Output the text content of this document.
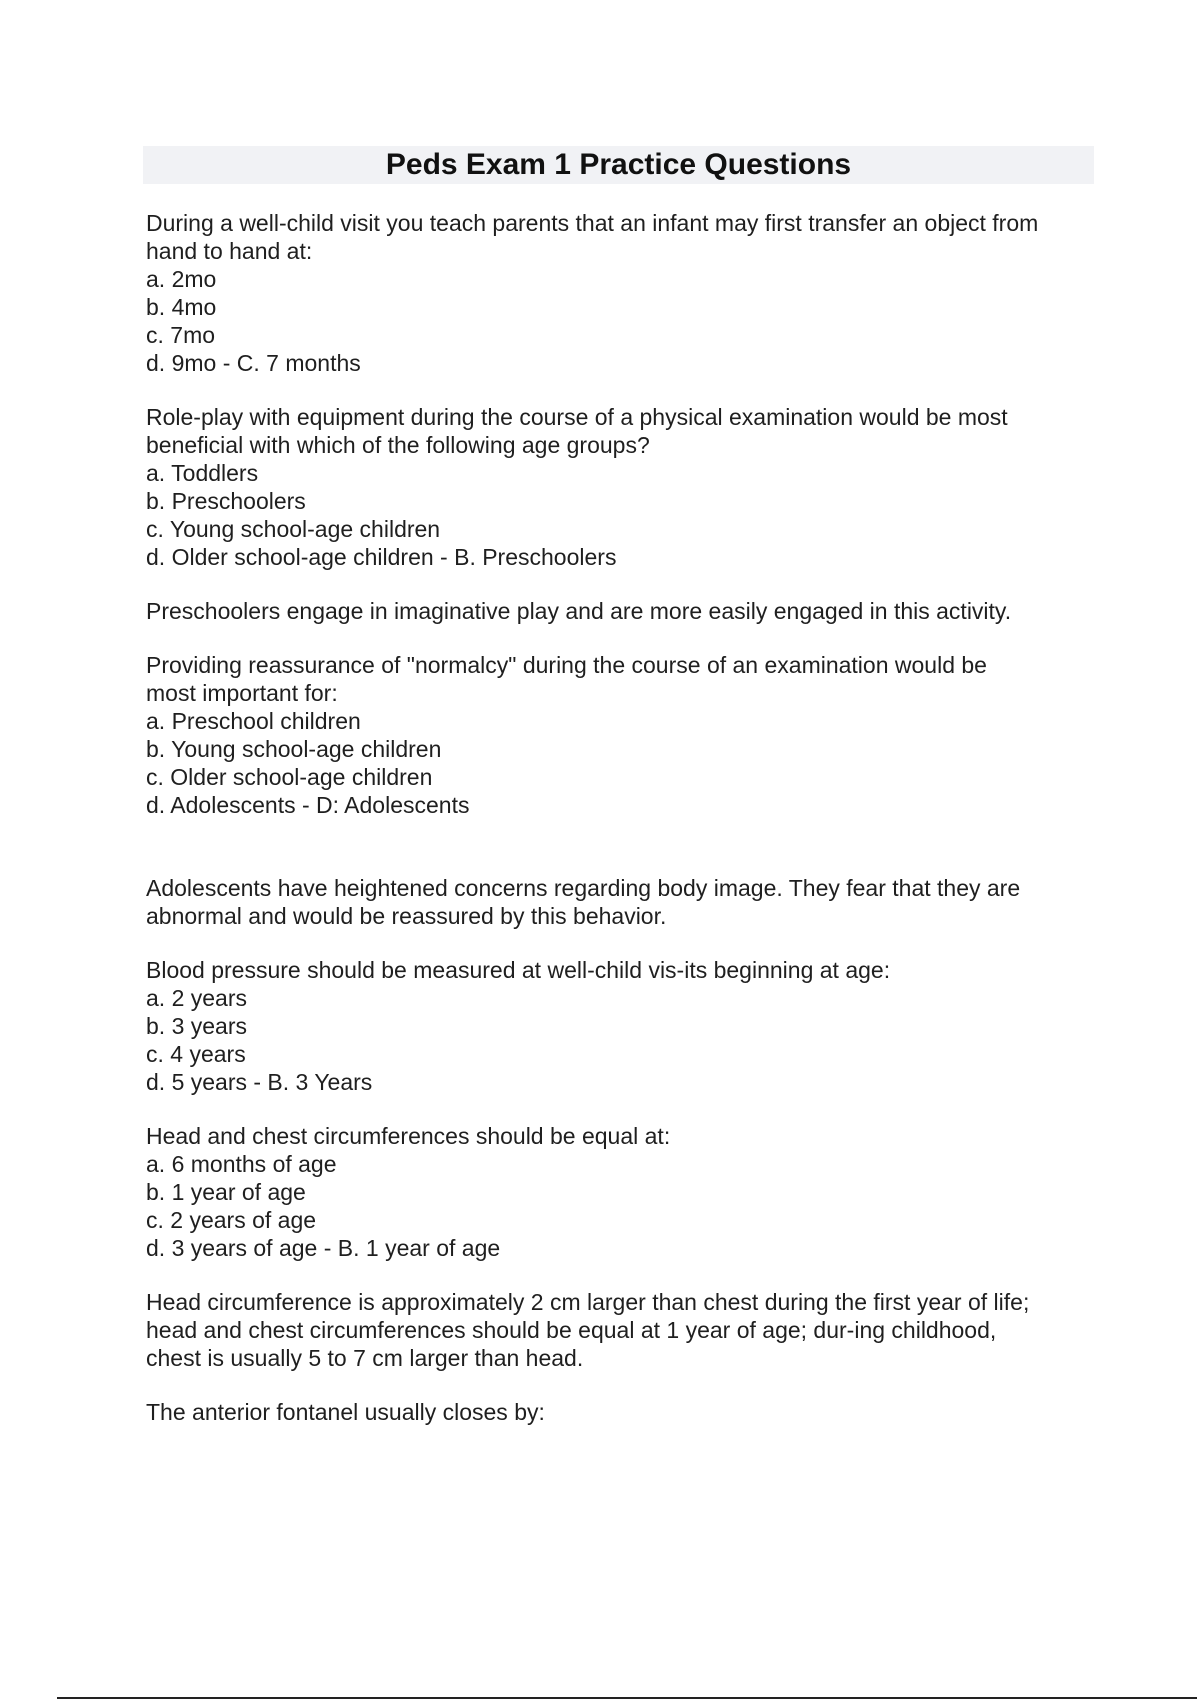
Peds Exam 1 Practice Questions
During a well-child visit you teach parents that an infant may first transfer an object from
hand to hand at:
a. 2mo
b. 4mo
c. 7mo
d. 9mo - C. 7 months
Role-play with equipment during the course of a physical examination would be most
beneficial with which of the following age groups?
a. Toddlers
b. Preschoolers
c. Young school-age children
d. Older school-age children - B. Preschoolers
Preschoolers engage in imaginative play and are more easily engaged in this activity.
Providing reassurance of "normalcy" during the course of an examination would be
most important for:
a. Preschool children
b. Young school-age children
c. Older school-age children
d. Adolescents - D: Adolescents
Adolescents have heightened concerns regarding body image. They fear that they are
abnormal and would be reassured by this behavior.
Blood pressure should be measured at well-child vis-its beginning at age:
a. 2 years
b. 3 years
c. 4 years
d. 5 years - B. 3 Years
Head and chest circumferences should be equal at:
a. 6 months of age
b. 1 year of age
c. 2 years of age
d. 3 years of age - B. 1 year of age
Head circumference is approximately 2 cm larger than chest during the first year of life;
head and chest circumferences should be equal at 1 year of age; dur-ing childhood,
chest is usually 5 to 7 cm larger than head.
The anterior fontanel usually closes by:
